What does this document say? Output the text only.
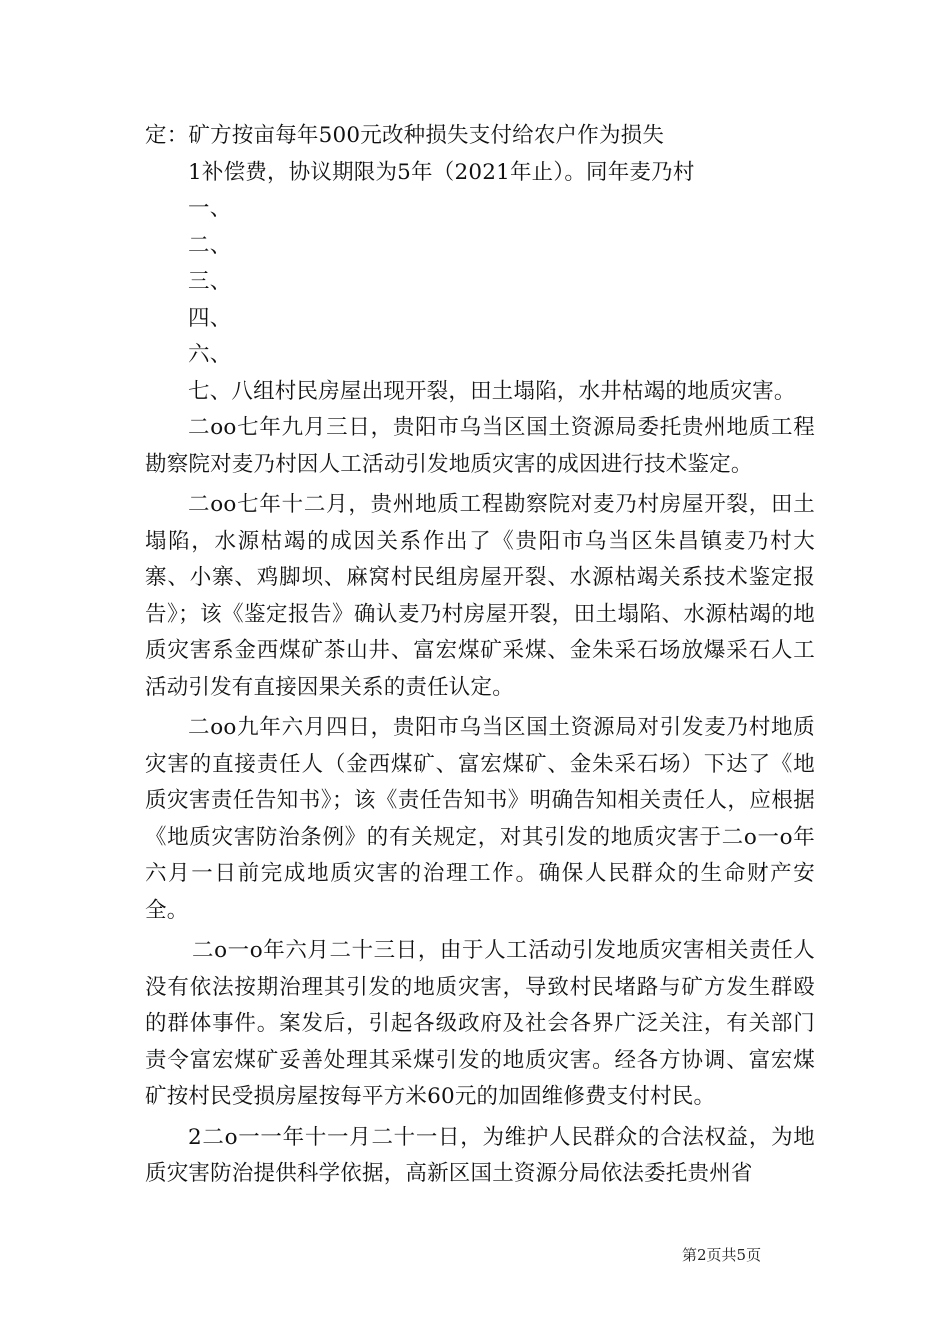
定：矿方按亩每年500元改种损失支付给农户作为损失

1补偿费，协议期限为5年（2021年止）。同年麦乃村

一、

二、

三、

四、

六、

七、八组村民房屋出现开裂，田土塌陷，水井枯竭的地质灾害。

二oo七年九月三日，贵阳市乌当区国土资源局委托贵州地质工程勘察院对麦乃村因人工活动引发地质灾害的成因进行技术鉴定。

二oo七年十二月，贵州地质工程勘察院对麦乃村房屋开裂，田土塌陷，水源枯竭的成因关系作出了《贵阳市乌当区朱昌镇麦乃村大寨、小寨、鸡脚坝、麻窝村民组房屋开裂、水源枯竭关系技术鉴定报告》；该《鉴定报告》确认麦乃村房屋开裂，田土塌陷、水源枯竭的地质灾害系金西煤矿茶山井、富宏煤矿采煤、金朱采石场放爆采石人工活动引发有直接因果关系的责任认定。

二oo九年六月四日，贵阳市乌当区国土资源局对引发麦乃村地质灾害的直接责任人（金西煤矿、富宏煤矿、金朱采石场）下达了《地质灾害责任告知书》；该《责任告知书》明确告知相关责任人，应根据《地质灾害防治条例》的有关规定，对其引发的地质灾害于二o一o年六月一日前完成地质灾害的治理工作。确保人民群众的生命财产安全。

二o一o年六月二十三日，由于人工活动引发地质灾害相关责任人没有依法按期治理其引发的地质灾害，导致村民堵路与矿方发生群殴的群体事件。案发后，引起各级政府及社会各界广泛关注，有关部门责令富宏煤矿妥善处理其采煤引发的地质灾害。经各方协调、富宏煤矿按村民受损房屋按每平方米60元的加固维修费支付村民。

2二o一一年十一月二十一日，为维护人民群众的合法权益，为地质灾害防治提供科学依据，高新区国土资源分局依法委托贵州省

第2页共5页
